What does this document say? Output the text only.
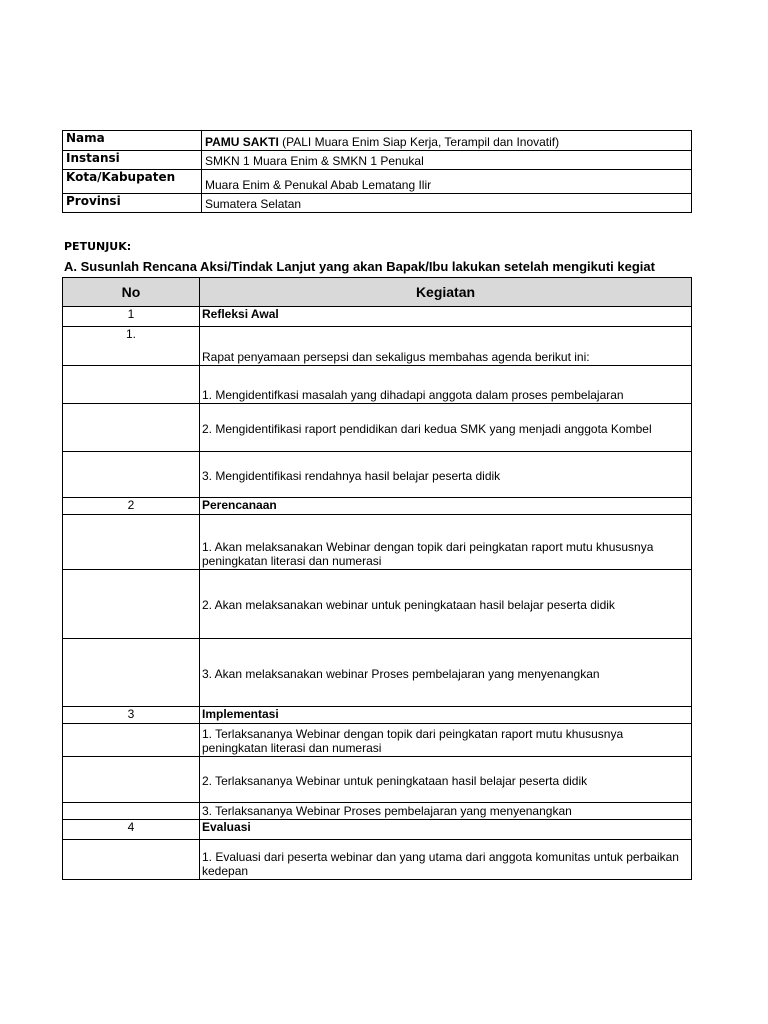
Nama	PAMU SAKTI (PALI Muara Enim Siap Kerja, Terampil dan Inovatif)
Instansi	SMKN 1 Muara Enim & SMKN 1 Penukal
Kota/Kabupaten	Muara Enim & Penukal Abab Lematang Ilir
Provinsi	Sumatera Selatan
PETUNJUK:
A. Susunlah Rencana Aksi/Tindak Lanjut yang akan Bapak/Ibu lakukan setelah mengikuti kegiat
No	Kegiatan
1	Refleksi Awal
1.	Rapat penyamaan persepsi dan sekaligus membahas agenda berikut ini:
	1. Mengidentifkasi masalah yang dihadapi anggota dalam proses pembelajaran
	2. Mengidentifikasi raport pendidikan dari kedua SMK yang menjadi anggota Kombel
	3. Mengidentifikasi rendahnya hasil belajar peserta didik
2	Perencanaan
	1. Akan melaksanakan Webinar dengan topik dari peingkatan raport mutu khususnya peningkatan literasi dan numerasi
	2. Akan melaksanakan webinar untuk peningkataan hasil belajar peserta didik
	3. Akan melaksanakan webinar Proses pembelajaran yang menyenangkan
3	Implementasi
	1. Terlaksananya Webinar dengan topik dari peingkatan raport mutu khususnya peningkatan literasi dan numerasi
	2. Terlaksananya Webinar untuk peningkataan hasil belajar peserta didik
	3. Terlaksananya Webinar Proses pembelajaran yang menyenangkan
4	Evaluasi
	1. Evaluasi dari peserta webinar dan yang utama dari anggota komunitas untuk perbaikan kedepan
